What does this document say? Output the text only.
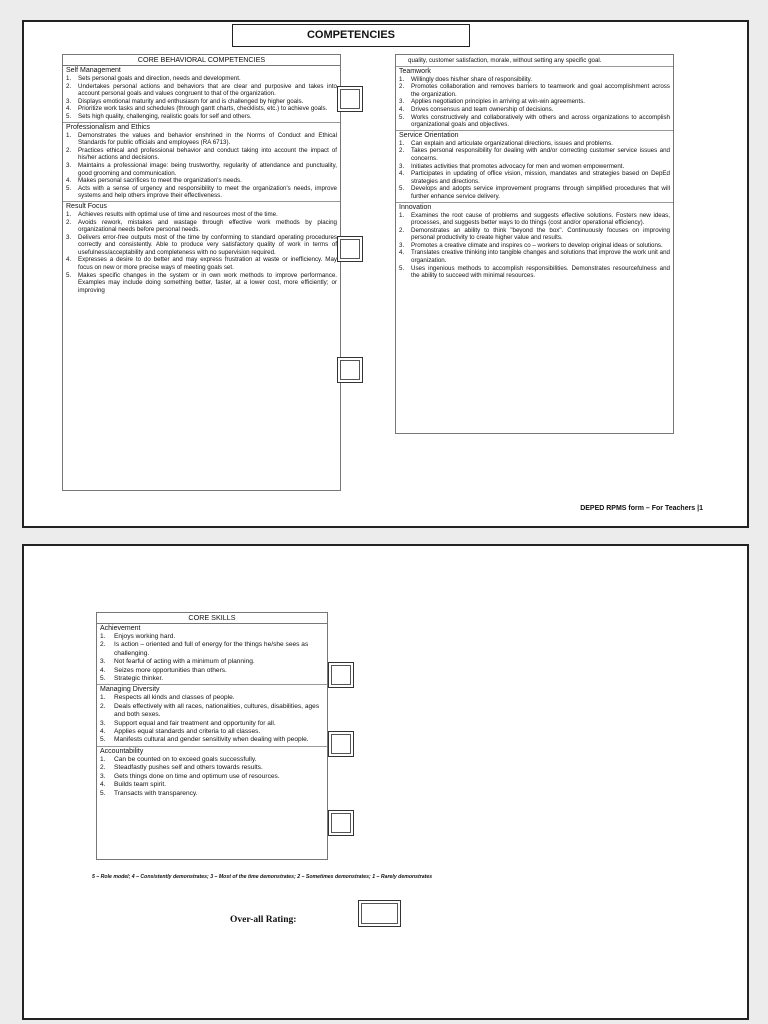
COMPETENCIES
CORE BEHAVIORAL COMPETENCIES
Self Management
1. Sets personal goals and direction, needs and development.
2. Undertakes personal actions and behaviors that are clear and purposive and takes into account personal goals and values congruent to that of the organization.
3. Displays emotional maturity and enthusiasm for and is challenged by higher goals.
4. Prioritize work tasks and schedules (through gantt charts, checklists, etc.) to achieve goals.
5. Sets high quality, challenging, realistic goals for self and others.
Professionalism and Ethics
1. Demonstrates the values and behavior enshrined in the Norms of Conduct and Ethical Standards for public officials and employees (RA 6713).
2. Practices ethical and professional behavior and conduct taking into account the impact of his/her actions and decisions.
3. Maintains a professional image: being trustworthy, regularity of attendance and punctuality, good grooming and communication.
4. Makes personal sacrifices to meet the organization's needs.
5. Acts with a sense of urgency and responsibility to meet the organization's needs, improve systems and help others improve their effectiveness.
Result Focus
1. Achieves results with optimal use of time and resources most of the time.
2. Avoids rework, mistakes and wastage through effective work methods by placing organizational needs before personal needs.
3. Delivers error-free outputs most of the time by conforming to standard operating procedures correctly and consistently. Able to produce very satisfactory quality of work in terms of usefulness/acceptability and completeness with no supervision required.
4. Expresses a desire to do better and may express frustration at waste or inefficiency. May focus on new or more precise ways of meeting goals set.
5. Makes specific changes in the system or in own work methods to improve performance. Examples may include doing something better, faster, at a lower cost, more efficiently; or improving
quality, customer satisfaction, morale, without setting any specific goal.
Teamwork
1. Willingly does his/her share of responsibility.
2. Promotes collaboration and removes barriers to teamwork and goal accomplishment across the organization.
3. Applies negotiation principles in arriving at win-win agreements.
4. Drives consensus and team ownership of decisions.
5. Works constructively and collaboratively with others and across organizations to accomplish organizational goals and objectives.
Service Orientation
1. Can explain and articulate organizational directions, issues and problems.
2. Takes personal responsibility for dealing with and/or correcting customer service issues and concerns.
3. Initiates activities that promotes advocacy for men and women empowerment.
4. Participates in updating of office vision, mission, mandates and strategies based on DepEd strategies and directions.
5. Develops and adopts service improvement programs through simplified procedures that will further enhance service delivery.
Innovation
1. Examines the root cause of problems and suggests effective solutions. Fosters new ideas, processes, and suggests better ways to do things (cost and/or operational efficiency).
2. Demonstrates an ability to think "beyond the box". Continuously focuses on improving personal productivity to create higher value and results.
3. Promotes a creative climate and inspires co – workers to develop original ideas or solutions.
4. Translates creative thinking into tangible changes and solutions that improve the work unit and organization.
5. Uses ingenious methods to accomplish responsibilities. Demonstrates resourcefulness and the ability to succeed with minimal resources.
DEPED RPMS form – For Teachers |1
CORE SKILLS
Achievement
1. Enjoys working hard.
2. Is action – oriented and full of energy for the things he/she sees as challenging.
3. Not fearful of acting with a minimum of planning.
4. Seizes more opportunities than others.
5. Strategic thinker.
Managing Diversity
1. Respects all kinds and classes of people.
2. Deals effectively with all races, nationalities, cultures, disabilities, ages and both sexes.
3. Support equal and fair treatment and opportunity for all.
4. Applies equal standards and criteria to all classes.
5. Manifests cultural and gender sensitivity when dealing with people.
Accountability
1. Can be counted on to exceed goals successfully.
2. Steadfastly pushes self and others towards results.
3. Gets things done on time and optimum use of resources.
4. Builds team spirit.
5. Transacts with transparency.
5 – Role model; 4 – Consistently demonstrates; 3 – Most of the time demonstrates; 2 – Sometimes demonstrates; 1 – Rarely demonstrates
Over-all Rating:
